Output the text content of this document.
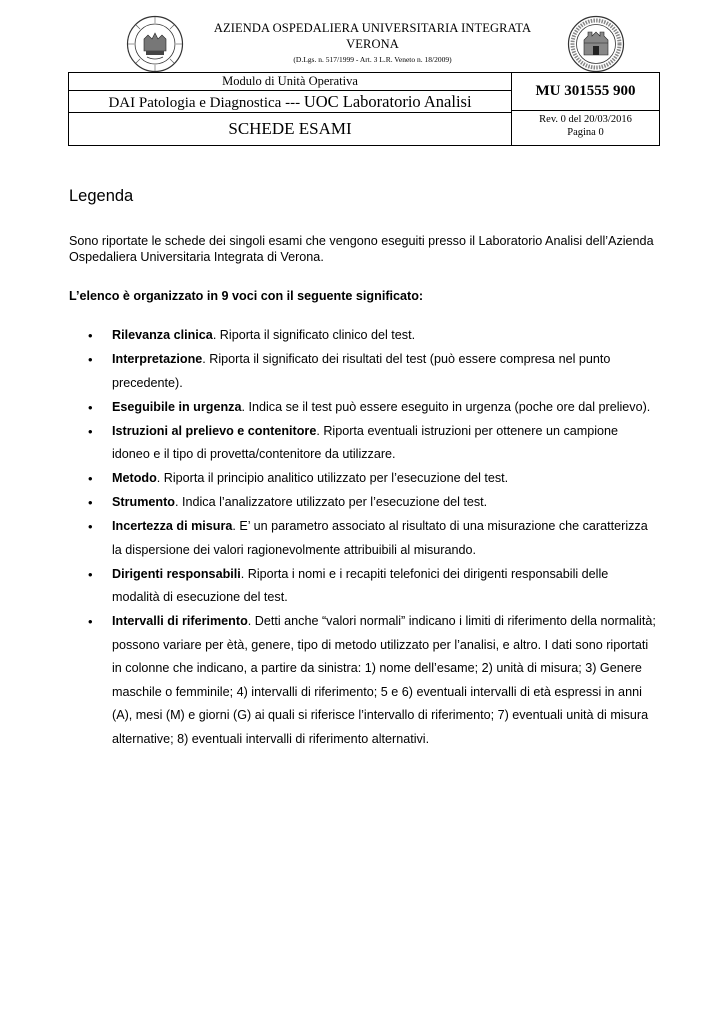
AZIENDA OSPEDALIERA UNIVERSITARIA INTEGRATA
VERONA
(D.Lgs. n. 517/1999 - Art. 3 L.R. Veneto n. 18/2009)
Modulo di Unità Operativa
DAI Patologia e Diagnostica --- UOC Laboratorio Analisi
SCHEDE ESAMI
MU 301555 900
Rev. 0 del 20/03/2016
Pagina 0
Legenda

Sono riportate le schede dei singoli esami che vengono eseguiti presso il Laboratorio Analisi dell’Azienda Ospedaliera Universitaria Integrata di Verona.

L’elenco è organizzato in 9 voci con il seguente significato:

• Rilevanza clinica. Riporta il significato clinico del test.
• Interpretazione. Riporta il significato dei risultati del test (può essere compresa nel punto precedente).
• Eseguibile in urgenza. Indica se il test può essere eseguito in urgenza (poche ore dal prelievo).
• Istruzioni al prelievo e contenitore. Riporta eventuali istruzioni per ottenere un campione idoneo e il tipo di provetta/contenitore da utilizzare.
• Metodo. Riporta il principio analitico utilizzato per l’esecuzione del test.
• Strumento. Indica l’analizzatore utilizzato per l’esecuzione del test.
• Incertezza di misura. E’ un parametro associato al risultato di una misurazione che caratterizza la dispersione dei valori ragionevolmente attribuibili al misurando.
• Dirigenti responsabili. Riporta i nomi e i recapiti telefonici dei dirigenti responsabili delle modalità di esecuzione del test.
• Intervalli di riferimento. Detti anche “valori normali” indicano i limiti di riferimento della normalità; possono variare per ètà, genere, tipo di metodo utilizzato per l’analisi, e altro. I dati sono riportati in colonne che indicano, a partire da sinistra: 1) nome dell’esame; 2) unità di misura; 3) Genere maschile o femminile; 4) intervalli di riferimento; 5 e 6) eventuali intervalli di età espressi in anni (A), mesi (M) e giorni (G) ai quali si riferisce l’intervallo di riferimento; 7) eventuali unità di misura alternative; 8) eventuali intervalli di riferimento alternativi.
